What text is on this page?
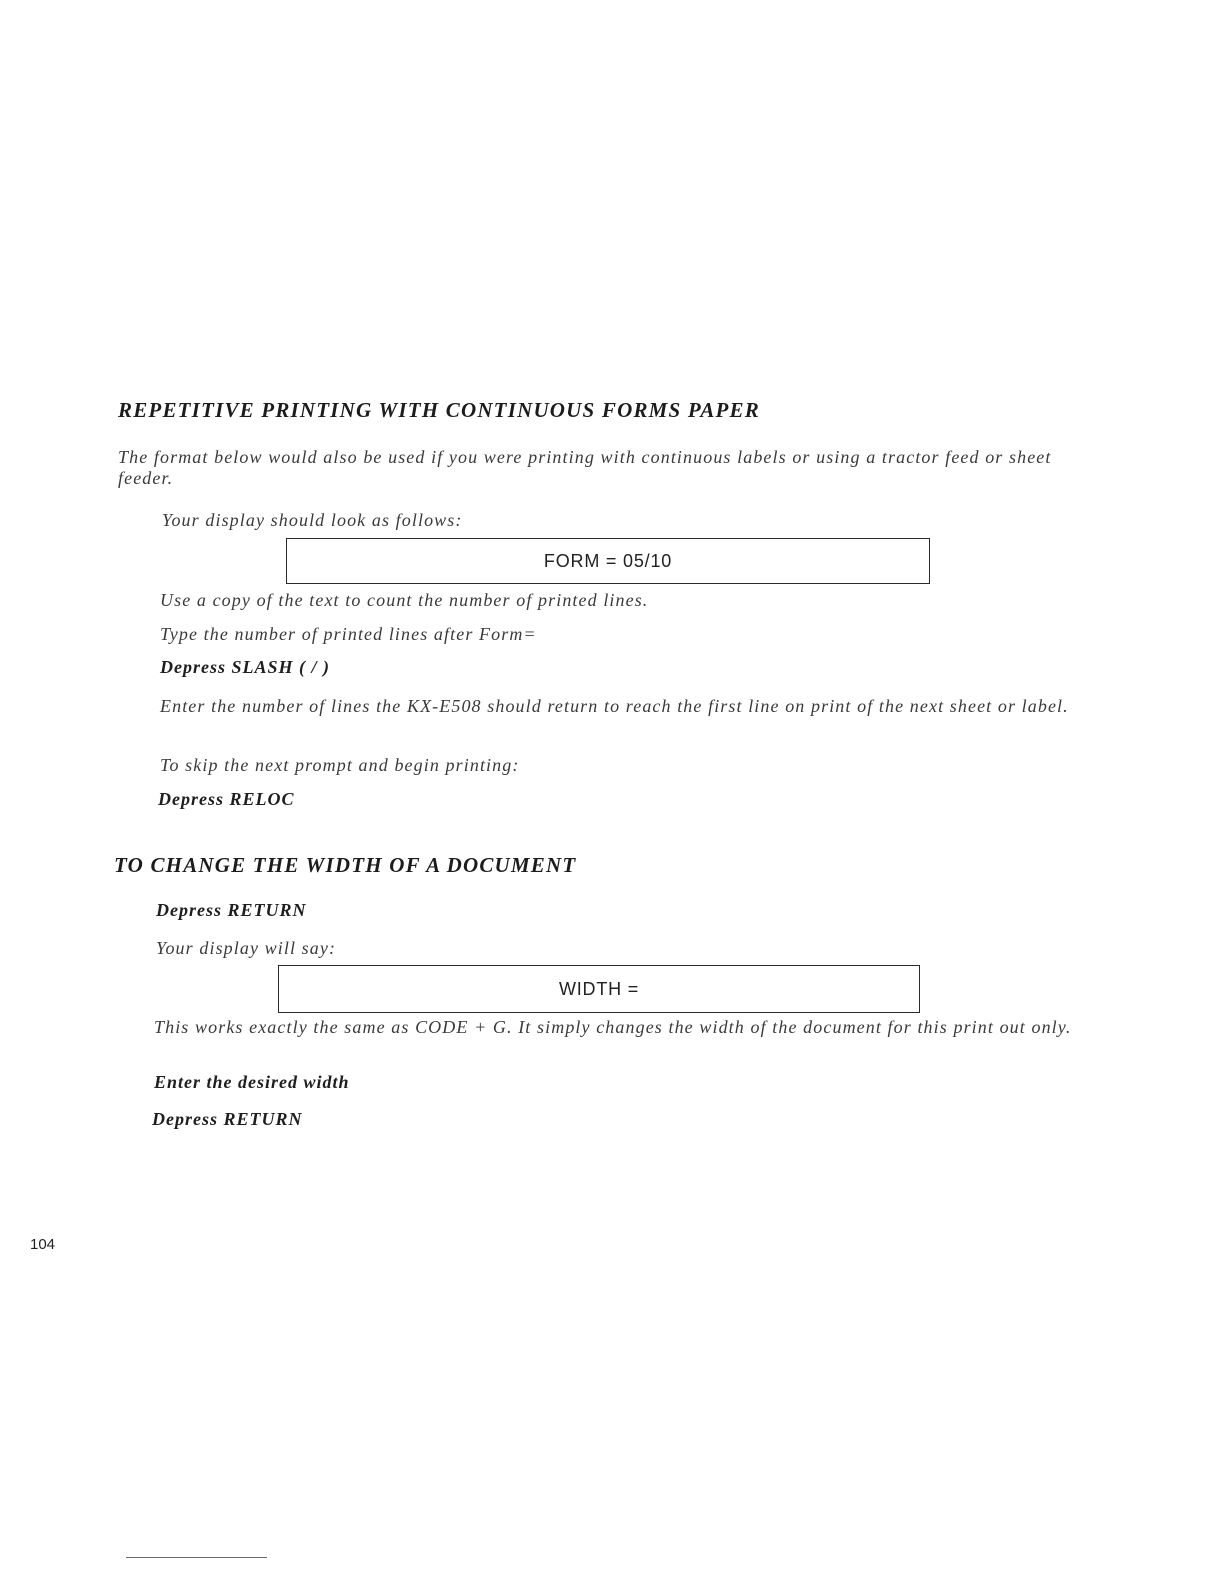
REPETITIVE PRINTING WITH CONTINUOUS FORMS PAPER
The format below would also be used if you were printing with continuous labels or using a tractor feed or sheet feeder.
Your display should look as follows:
FORM = 05/10
Use a copy of the text to count the number of printed lines.
Type the number of printed lines after Form=
Depress SLASH ( / )
Enter the number of lines the KX-E508 should return to reach the first line on print of the next sheet or label.
To skip the next prompt and begin printing:
Depress RELOC
TO CHANGE THE WIDTH OF A DOCUMENT
Depress RETURN
Your display will say:
WIDTH =
This works exactly the same as CODE + G. It simply changes the width of the document for this print out only.
Enter the desired width
Depress RETURN
104
